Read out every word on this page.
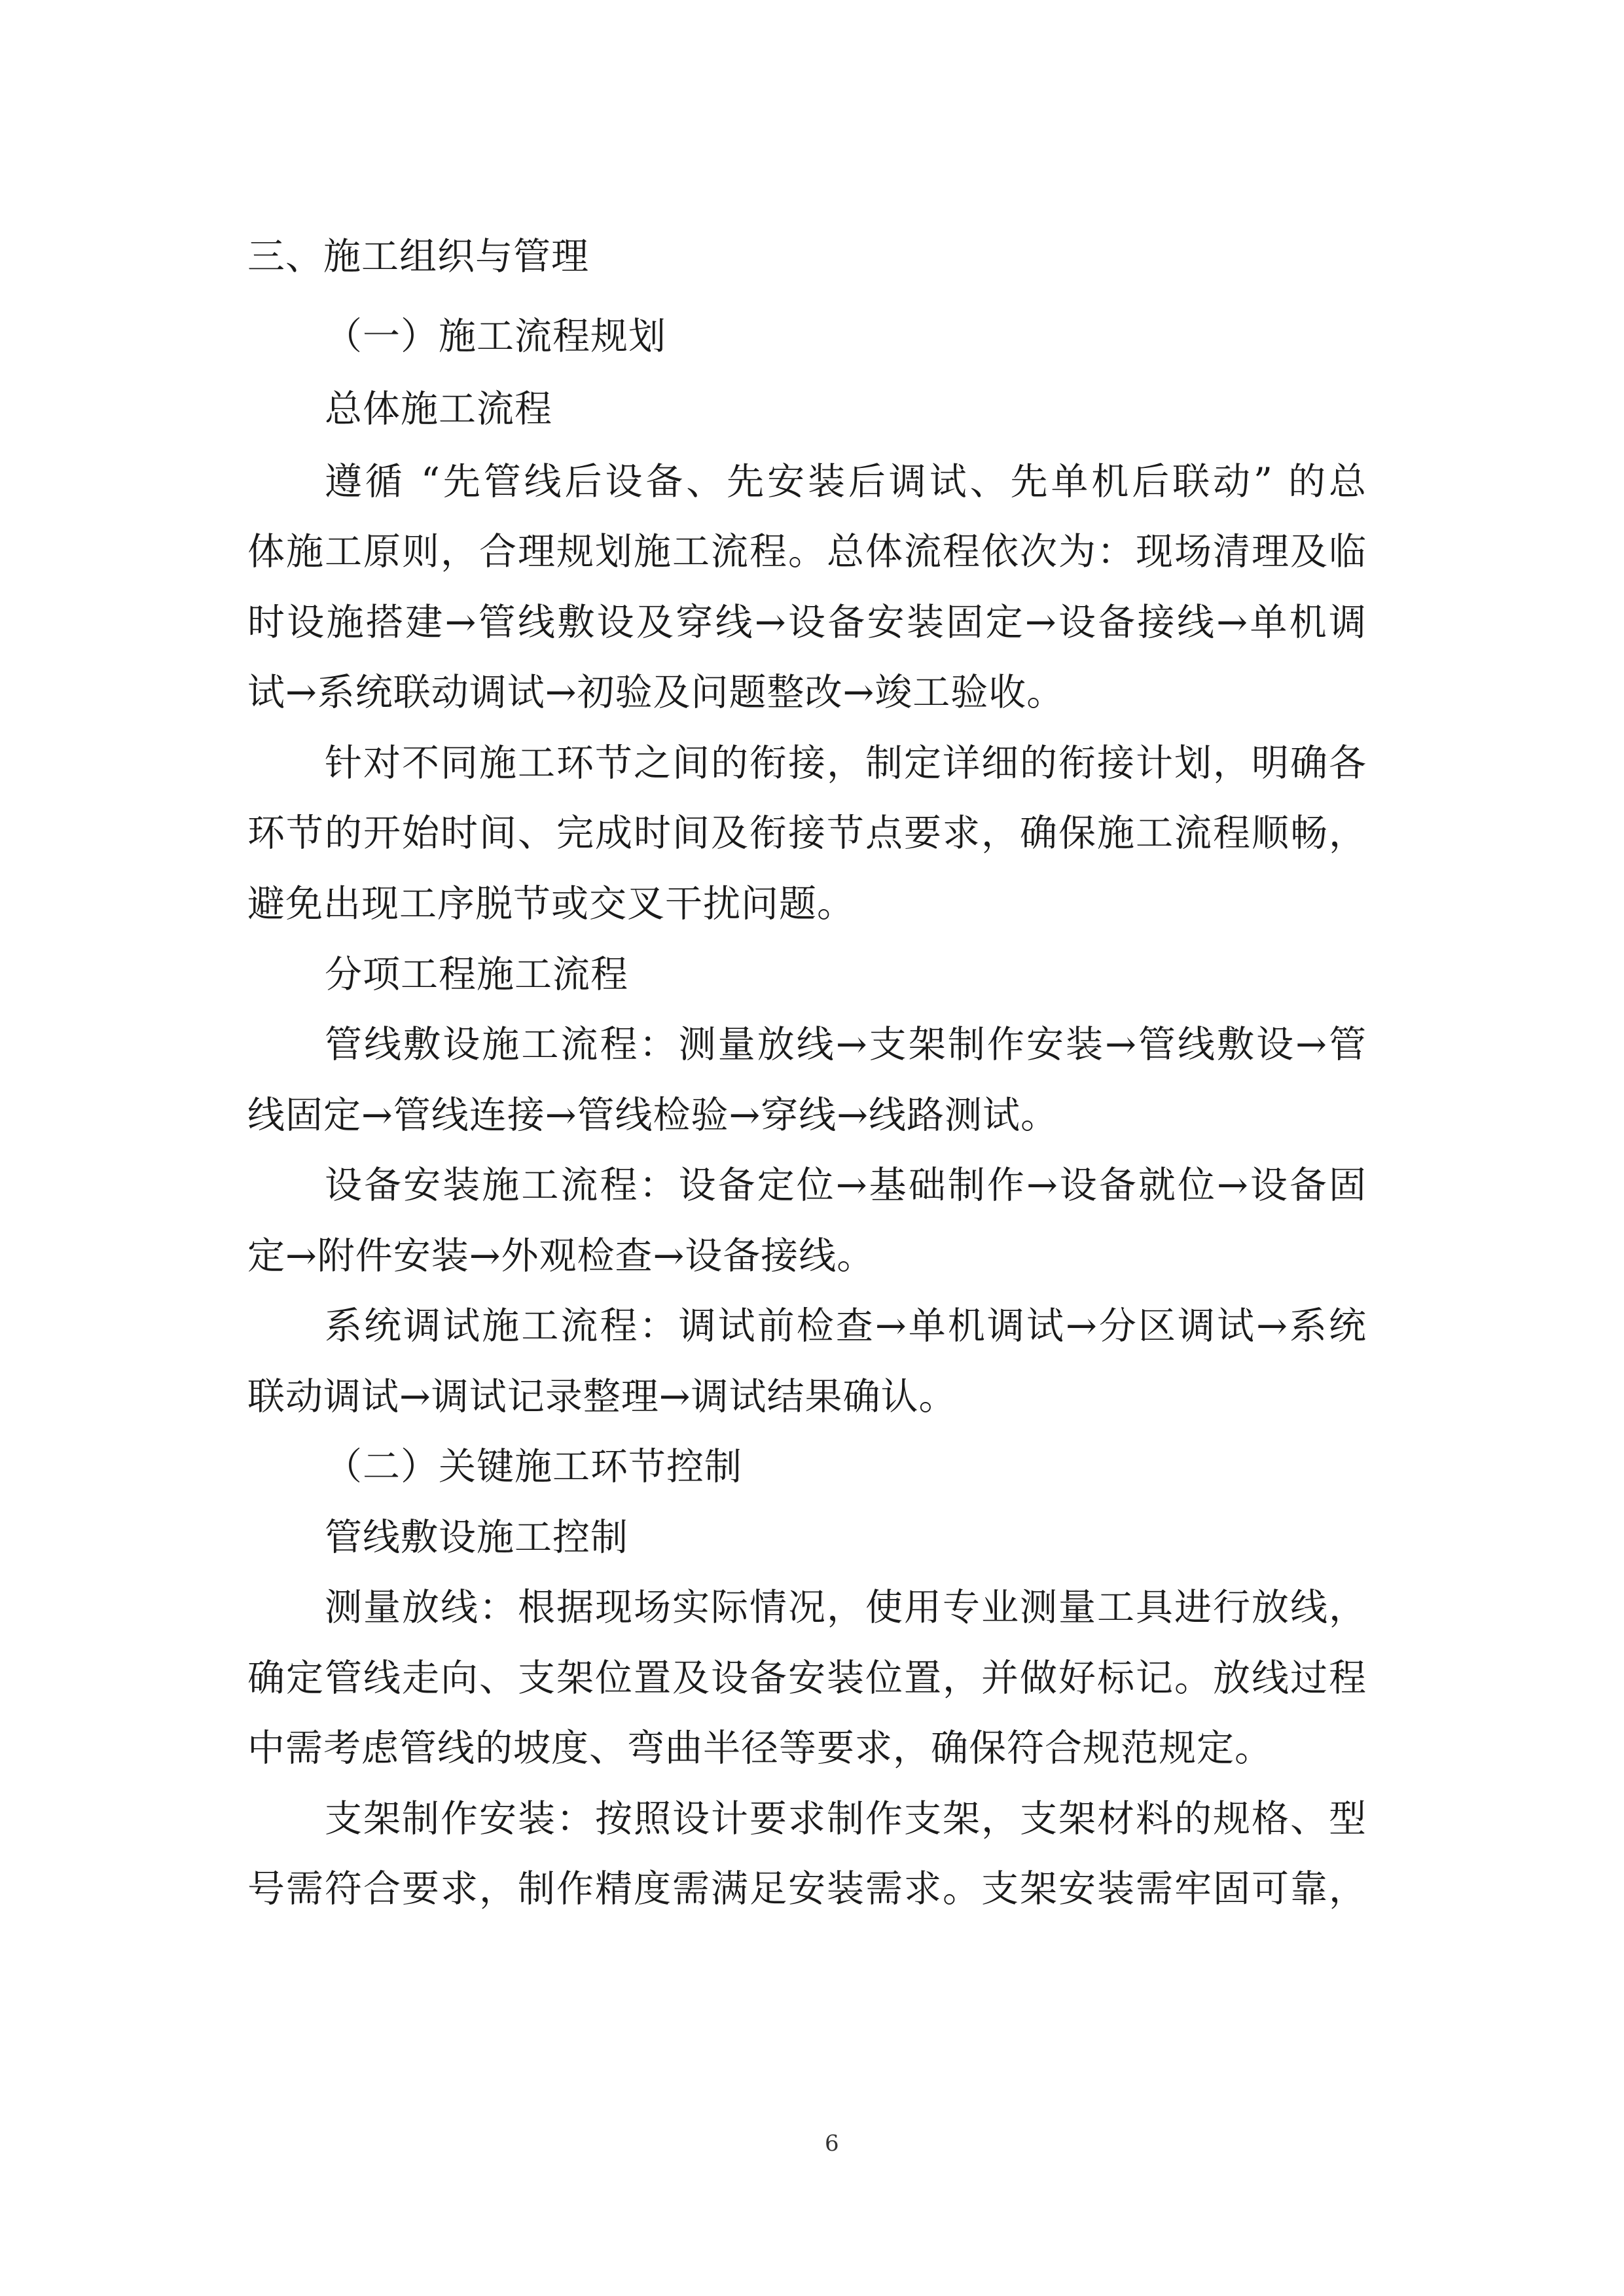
三、施工组织与管理
（一）施工流程规划
总体施工流程
遵循 “先管线后设备、先安装后调试、先单机后联动” 的总
体施工原则，合理规划施工流程。总体流程依次为：现场清理及临
时设施搭建→管线敷设及穿线→设备安装固定→设备接线→单机调
试→系统联动调试→初验及问题整改→竣工验收。
针对不同施工环节之间的衔接，制定详细的衔接计划，明确各
环节的开始时间、完成时间及衔接节点要求，确保施工流程顺畅，
避免出现工序脱节或交叉干扰问题。
分项工程施工流程
管线敷设施工流程：测量放线→支架制作安装→管线敷设→管
线固定→管线连接→管线检验→穿线→线路测试。
设备安装施工流程：设备定位→基础制作→设备就位→设备固
定→附件安装→外观检查→设备接线。
系统调试施工流程：调试前检查→单机调试→分区调试→系统
联动调试→调试记录整理→调试结果确认。
（二）关键施工环节控制
管线敷设施工控制
测量放线：根据现场实际情况，使用专业测量工具进行放线，
确定管线走向、支架位置及设备安装位置，并做好标记。放线过程
中需考虑管线的坡度、弯曲半径等要求，确保符合规范规定。
支架制作安装：按照设计要求制作支架，支架材料的规格、型
号需符合要求，制作精度需满足安装需求。支架安装需牢固可靠，
6
